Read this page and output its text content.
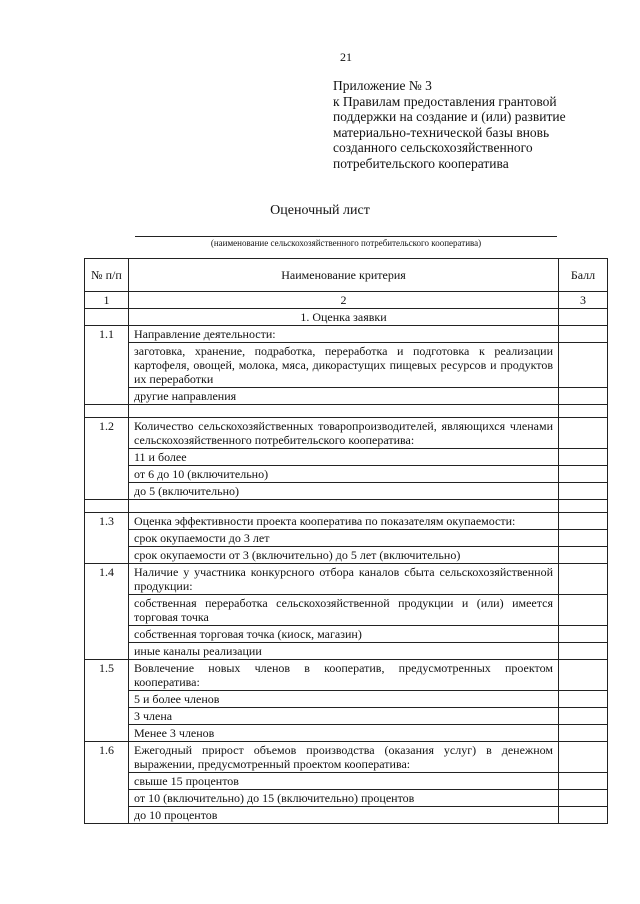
21
Приложение № 3
к Правилам предоставления грантовой
поддержки на создание и (или) развитие
материально-технической базы вновь
созданного сельскохозяйственного
потребительского кооператива
Оценочный лист
(наименование сельскохозяйственного потребительского кооператива)
№ п/п	Наименование критерия	Балл
1	2	3
	1. Оценка заявки	
1.1	Направление деятельности:	
	заготовка, хранение, подработка, переработка и подготовка к реализации картофеля, овощей, молока, мяса, дикорастущих пищевых ресурсов и продуктов их переработки	
	другие направления	

1.2	Количество сельскохозяйственных товаропроизводителей, являющихся членами сельскохозяйственного потребительского кооператива:	
	11 и более	
	от 6 до 10 (включительно)	
	до 5 (включительно)	

1.3	Оценка эффективности проекта кооператива по показателям окупаемости:	
	срок окупаемости до 3 лет	
	срок окупаемости от 3 (включительно) до 5 лет (включительно)	
1.4	Наличие у участника конкурсного отбора каналов сбыта сельскохозяйственной продукции:	
	собственная переработка сельскохозяйственной продукции и (или) имеется торговая точка	
	собственная торговая точка (киоск, магазин)	
	иные каналы реализации	
1.5	Вовлечение новых членов в кооператив, предусмотренных проектом кооператива:	
	5 и более членов	
	3 члена	
	Менее 3 членов	
1.6	Ежегодный прирост объемов производства (оказания услуг) в денежном выражении, предусмотренный проектом кооператива:	
	свыше 15 процентов	
	от 10 (включительно) до 15 (включительно) процентов	
	до 10 процентов	
